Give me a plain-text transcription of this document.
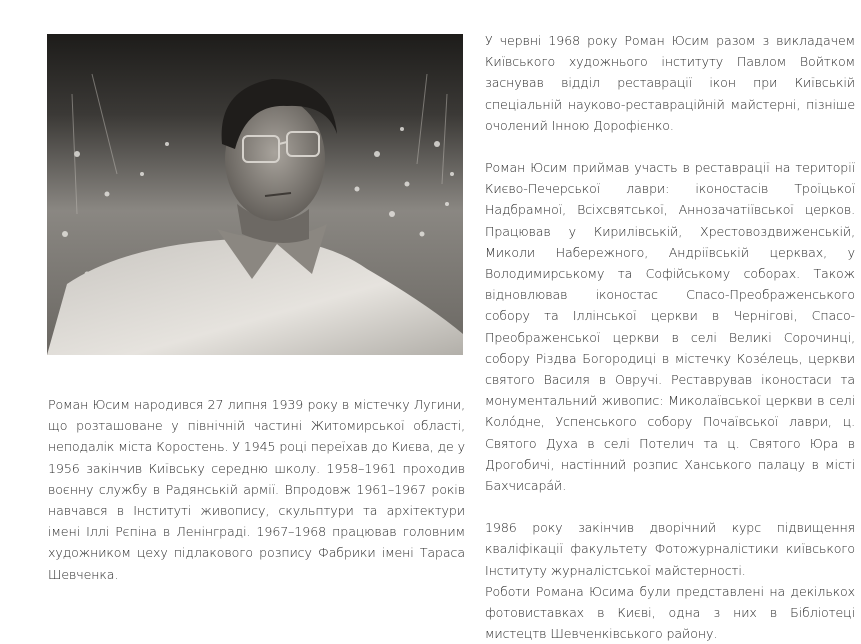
Роман Юсим народився 27 липня 1939 року в містечку Лугини, що розташоване у північній частині Житомирської області, неподалік міста Коростень. У 1945 році переїхав до Києва, де у 1956 закінчив Київську середню школу. 1958–1961 проходив воєнну службу в Радянській армії. Впродовж 1961–1967 років навчався в Інституті живопису, скульптури та архітектури імені Іллі Рєпіна в Ленінграді. 1967–1968 працював головним художником цеху підлакового розпису Фабрики імені Тараса Шевченка.

У червні 1968 року Роман Юсим разом з викладачем Київського художнього інституту Павлом Войтком заснував відділ реставрації ікон при Київській спеціальній науково-реставраційній майстерні, пізніше очолений Інною Дорофієнко.

Роман Юсим приймав участь в реставрації на території Києво-Печерської лаври: іконостасів Троїцької Надбрамної, Всіхсвятської, Аннозачатіївської церков. Працював у Кирилівській, Хрестовоздвиженській, Миколи Набережного, Андріївській церквах, у Володимирському та Софійському соборах. Також відновлював іконостас Спасо-Преображенського собору та Іллінської церкви в Чернігові, Спасо-Преображенської церкви в селі Великі Сорочинці, собору Різдва Богородиці в містечку Козéлець, церкви святого Василя в Овручі. Реставрував іконостаси та монументальний живопис: Миколаївської церкви в селі Колóдне, Успенського собору Почаївської лаври, ц. Святого Духа в селі Потелич та ц. Святого Юра в Дрогобичі, настінний розпис Ханського палацу в місті Бахчисарáй.

1986 року закінчив дворічний курс підвищення кваліфікації факультету Фотожурналістики київського Інституту журналістської майстерності.

Роботи Романа Юсима були представлені на декількох фотовиставках в Києві, одна з них в Бібліотеці мистецтв Шевченківського району.
